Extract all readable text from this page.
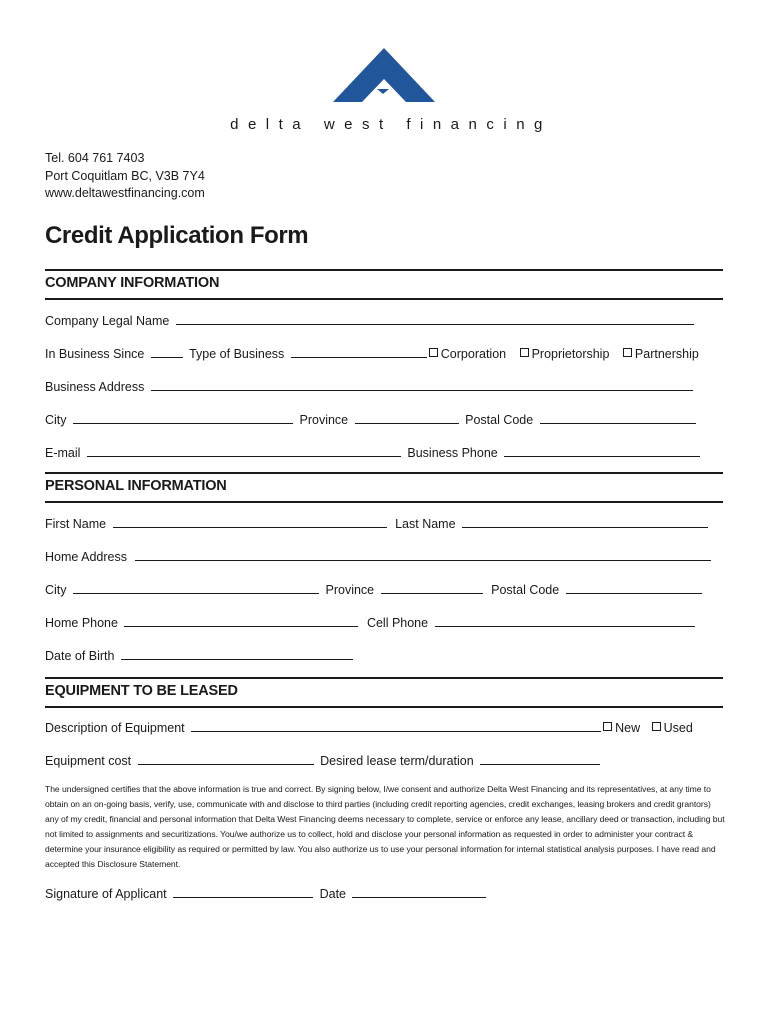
delta west financing
Tel. 604 761 7403
Port Coquitlam BC, V3B 7Y4
www.deltawestfinancing.com
Credit Application Form
COMPANY INFORMATION
Company Legal Name
In Business Since	Type of Business	Corporation Proprietorship Partnership
Business Address
City	Province	Postal Code
E-mail	Business Phone
PERSONAL INFORMATION
First Name	Last Name
Home Address
City	Province	Postal Code
Home Phone	Cell Phone
Date of Birth
EQUIPMENT TO BE LEASED
Description of Equipment	New Used
Equipment cost	Desired lease term/duration
The undersigned certifies that the above information is true and correct. By signing below, I/we consent and authorize Delta West Financing and its representatives, at any time to obtain on an on-going basis, verify, use, communicate with and disclose to third parties (including credit reporting agencies, credit exchanges, leasing brokers and credit grantors) any of my credit, financial and personal information that Delta West Financing deems necessary to complete, service or enforce any lease, ancillary deed or transaction, including but not limited to assignments and securitizations. You/we authorize us to collect, hold and disclose your personal information as requested in order to administer your contract & determine your insurance eligibility as required or permitted by law. You also authorize us to use your personal information for internal statistical analysis purposes. I have read and accepted this Disclosure Statement.
Signature of Applicant	Date
